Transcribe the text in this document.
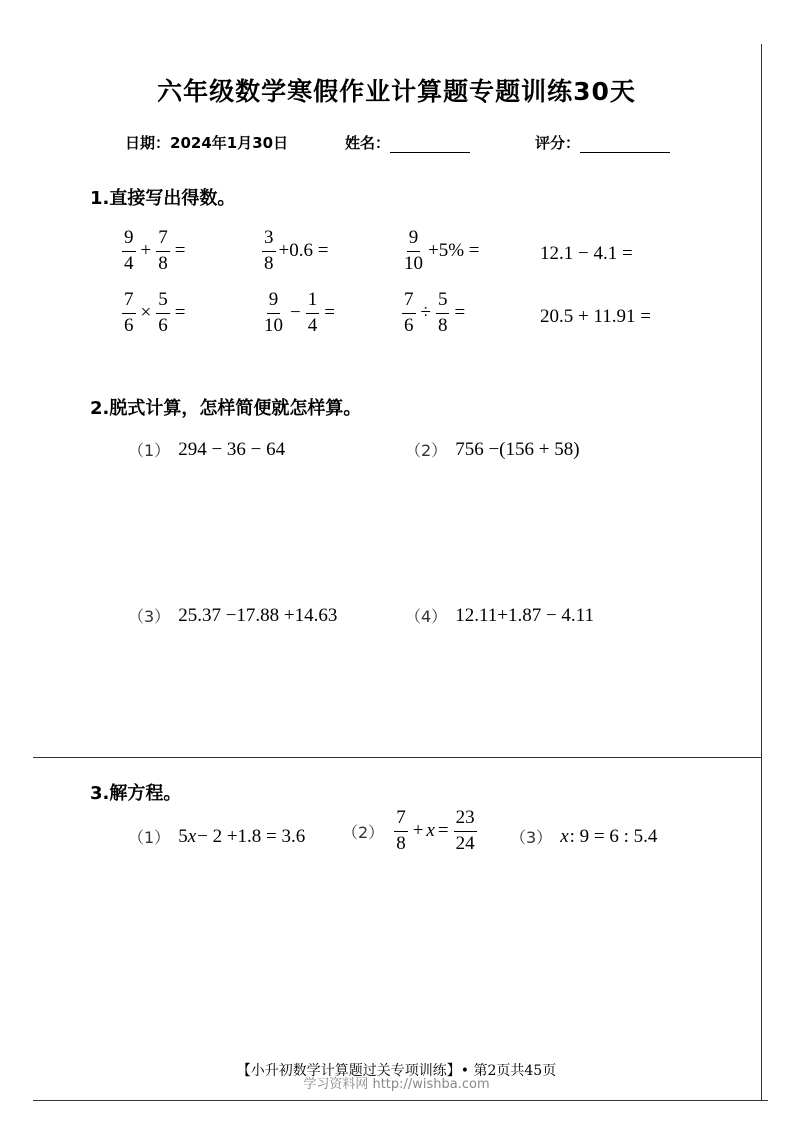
六年级数学寒假作业计算题专题训练30天
日期：2024年1月30日	姓名：	评分：
1.直接写出得数。
$\frac{9}{4} + \frac{7}{8}$ =	$\frac{3}{8} +0.6$ =	$\frac{9}{10} +5\%$ =	12.1 − 4.1 =
$\frac{7}{6} \times \frac{5}{6}$ =	$\frac{9}{10} - \frac{1}{4}$ =	$\frac{7}{6} \div \frac{5}{8}$ =	20.5 + 11.91 =
2.脱式计算，怎样简便就怎样算。
（1） 294 − 36 − 64	（2） 756 −(156 + 58)
（3） 25.37 −17.88 +14.63	（4） 12.11+1.87 − 4.11
3.解方程。
（1） 5 x − 2 +1.8 = 3.6 $(2) \frac{7}{8} + x = \frac{23}{24} (3)$ x : 9 = 6 : 5.4
【小升初数学计算题过关专项训练】• 第2页共45页
学习资料网 http://wishba.com
